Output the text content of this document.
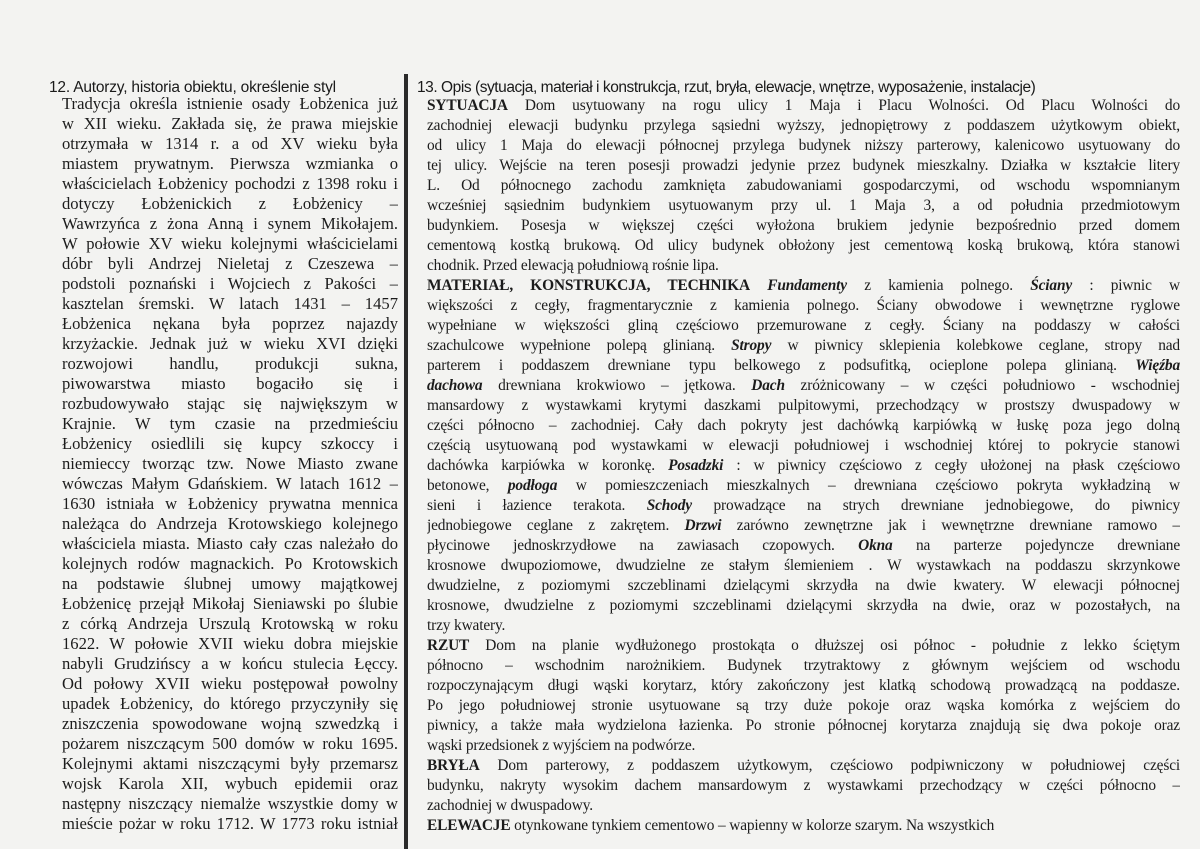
12. Autorzy, historia obiektu, określenie styl
Tradycja określa istnienie osady Łobżenica już
w XII wieku. Zakłada się, że prawa miejskie
otrzymała w 1314 r. a od XV wieku była
miastem prywatnym. Pierwsza wzmianka o
właścicielach Łobżenicy pochodzi z 1398 roku i
dotyczy Łobżenickich z Łobżenicy –
Wawrzyńca z żona Anną i synem Mikołajem.
W połowie XV wieku kolejnymi właścicielami
dóbr byli Andrzej Nieletaj z Czeszewa –
podstoli poznański i Wojciech z Pakości –
kasztelan śremski. W latach 1431 – 1457
Łobżenica nękana była poprzez najazdy
krzyżackie. Jednak już w wieku XVI dzięki
rozwojowi handlu, produkcji sukna,
piwowarstwa miasto bogaciło się i
rozbudowywało stając się największym w
Krajnie. W tym czasie na przedmieściu
Łobżenicy osiedlili się kupcy szkoccy i
niemieccy tworząc tzw. Nowe Miasto zwane
wówczas Małym Gdańskiem. W latach 1612 –
1630 istniała w Łobżenicy prywatna mennica
należąca do Andrzeja Krotowskiego kolejnego
właściciela miasta. Miasto cały czas należało do
kolejnych rodów magnackich. Po Krotowskich
na podstawie ślubnej umowy majątkowej
Łobżenicę przejął Mikołaj Sieniawski po ślubie
z córką Andrzeja Urszulą Krotowską w roku
1622. W połowie XVII wieku dobra miejskie
nabyli Grudzińscy a w końcu stulecia Łęccy.
Od połowy XVII wieku postępował powolny
upadek Łobżenicy, do którego przyczyniły się
zniszczenia spowodowane wojną szwedzką i
pożarem niszczącym 500 domów w roku 1695.
Kolejnymi aktami niszczącymi były przemarsz
wojsk Karola XII, wybuch epidemii oraz
następny niszczący niemalże wszystkie domy w
mieście pożar w roku 1712. W 1773 roku istniał
13. Opis (sytuacja, materiał i konstrukcja, rzut, bryła, elewacje, wnętrze, wyposażenie, instalacje)
SYTUACJA Dom usytuowany na rogu ulicy 1 Maja i Placu Wolności. Od Placu Wolności do
zachodniej elewacji budynku przylega sąsiedni wyższy, jednopiętrowy z poddaszem użytkowym obiekt,
od ulicy 1 Maja do elewacji północnej przylega budynek niższy parterowy, kalenicowo usytuowany do
tej ulicy. Wejście na teren posesji prowadzi jedynie przez budynek mieszkalny. Działka w kształcie litery
L. Od północnego zachodu zamknięta zabudowaniami gospodarczymi, od wschodu wspomnianym
wcześniej sąsiednim budynkiem usytuowanym przy ul. 1 Maja 3, a od południa przedmiotowym
budynkiem. Posesja w większej części wyłożona brukiem jedynie bezpośrednio przed domem
cementową kostką brukową. Od ulicy budynek obłożony jest cementową koską brukową, która stanowi
chodnik. Przed elewacją południową rośnie lipa.
MATERIAŁ, KONSTRUKCJA, TECHNIKA Fundamenty z kamienia polnego. Ściany : piwnic w
większości z cegły, fragmentarycznie z kamienia polnego. Ściany obwodowe i wewnętrzne ryglowe
wypełniane w większości gliną częściowo przemurowane z cegły. Ściany na poddaszy w całości
szachulcowe wypełnione polepą glinianą. Stropy w piwnicy sklepienia kolebkowe ceglane, stropy nad
parterem i poddaszem drewniane typu belkowego z podsufitką, ocieplone polepa glinianą. Więźba
dachowa drewniana krokwiowo – jętkowa. Dach zróżnicowany – w części południowo - wschodniej
mansardowy z wystawkami krytymi daszkami pulpitowymi, przechodzący w prostszy dwuspadowy w
części północno – zachodniej. Cały dach pokryty jest dachówką karpiówką w łuskę poza jego dolną
częścią usytuowaną pod wystawkami w elewacji południowej i wschodniej której to pokrycie stanowi
dachówka karpiówka w koronkę. Posadzki : w piwnicy częściowo z cegły ułożonej na płask częściowo
betonowe, podłoga w pomieszczeniach mieszkalnych – drewniana częściowo pokryta wykładziną w
sieni i łazience terakota. Schody prowadzące na strych drewniane jednobiegowe, do piwnicy
jednobiegowe ceglane z zakrętem. Drzwi zarówno zewnętrzne jak i wewnętrzne drewniane ramowo –
płycinowe jednoskrzydłowe na zawiasach czopowych. Okna na parterze pojedyncze drewniane
krosnowe dwupoziomowe, dwudzielne ze stałym ślemieniem . W wystawkach na poddaszu skrzynkowe
dwudzielne, z poziomymi szczeblinami dzielącymi skrzydła na dwie kwatery. W elewacji północnej
krosnowe, dwudzielne z poziomymi szczeblinami dzielącymi skrzydła na dwie, oraz w pozostałych, na
trzy kwatery.
RZUT Dom na planie wydłużonego prostokąta o dłuższej osi północ - południe z lekko ściętym
północno – wschodnim narożnikiem. Budynek trzytraktowy z głównym wejściem od wschodu
rozpoczynającym długi wąski korytarz, który zakończony jest klatką schodową prowadzącą na poddasze.
Po jego południowej stronie usytuowane są trzy duże pokoje oraz wąska komórka z wejściem do
piwnicy, a także mała wydzielona łazienka. Po stronie północnej korytarza znajdują się dwa pokoje oraz
wąski przedsionek z wyjściem na podwórze.
BRYŁA Dom parterowy, z poddaszem użytkowym, częściowo podpiwniczony w południowej części
budynku, nakryty wysokim dachem mansardowym z wystawkami przechodzący w części północno –
zachodniej w dwuspadowy.
ELEWACJE otynkowane tynkiem cementowo – wapienny w kolorze szarym. Na wszystkich
